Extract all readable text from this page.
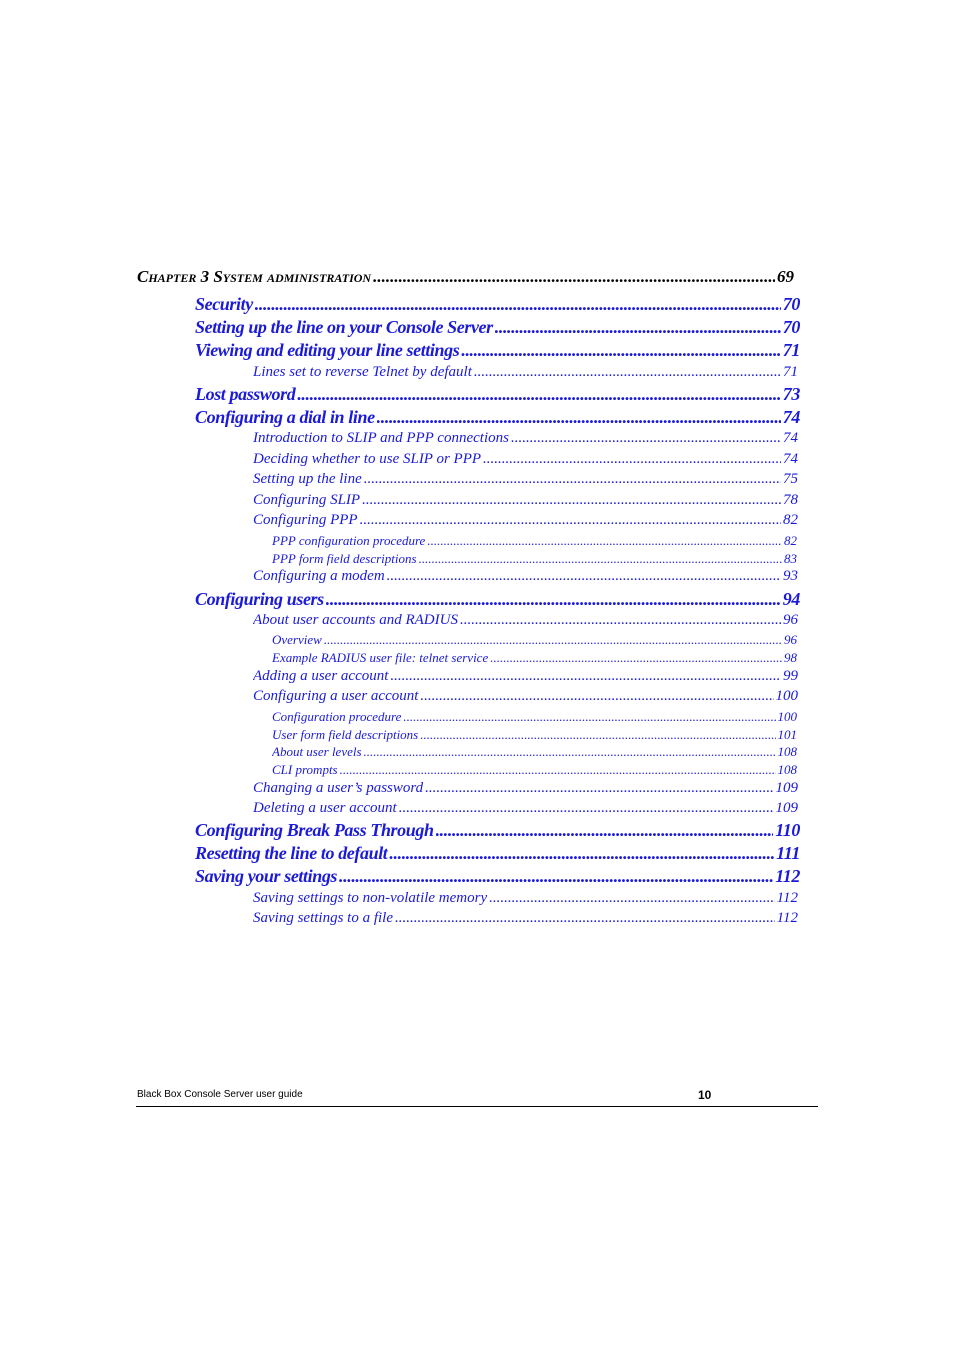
Chapter 3 System administration .....	69
Security .....	70
Setting up the line on your Console Server .....	70
Viewing and editing your line settings .....	71
Lines set to reverse Telnet by default .....	71
Lost password .....	73
Configuring a dial in line .....	74
Introduction to SLIP and PPP connections .....	74
Deciding whether to use SLIP or PPP .....	74
Setting up the line .....	75
Configuring SLIP .....	78
Configuring PPP .....	82
PPP configuration procedure .....	82
PPP form field descriptions .....	83
Configuring a modem .....	93
Configuring users .....	94
About user accounts and RADIUS .....	96
Overview .....	96
Example RADIUS user file: telnet service .....	98
Adding a user account .....	99
Configuring a user account .....	100
Configuration procedure .....	100
User form field descriptions .....	101
About user levels .....	108
CLI prompts .....	108
Changing a user’s password .....	109
Deleting a user account .....	109
Configuring Break Pass Through .....	110
Resetting the line to default .....	111
Saving your settings .....	112
Saving settings to non-volatile memory .....	112
Saving settings to a file .....	112
Black Box Console Server user guide	10
